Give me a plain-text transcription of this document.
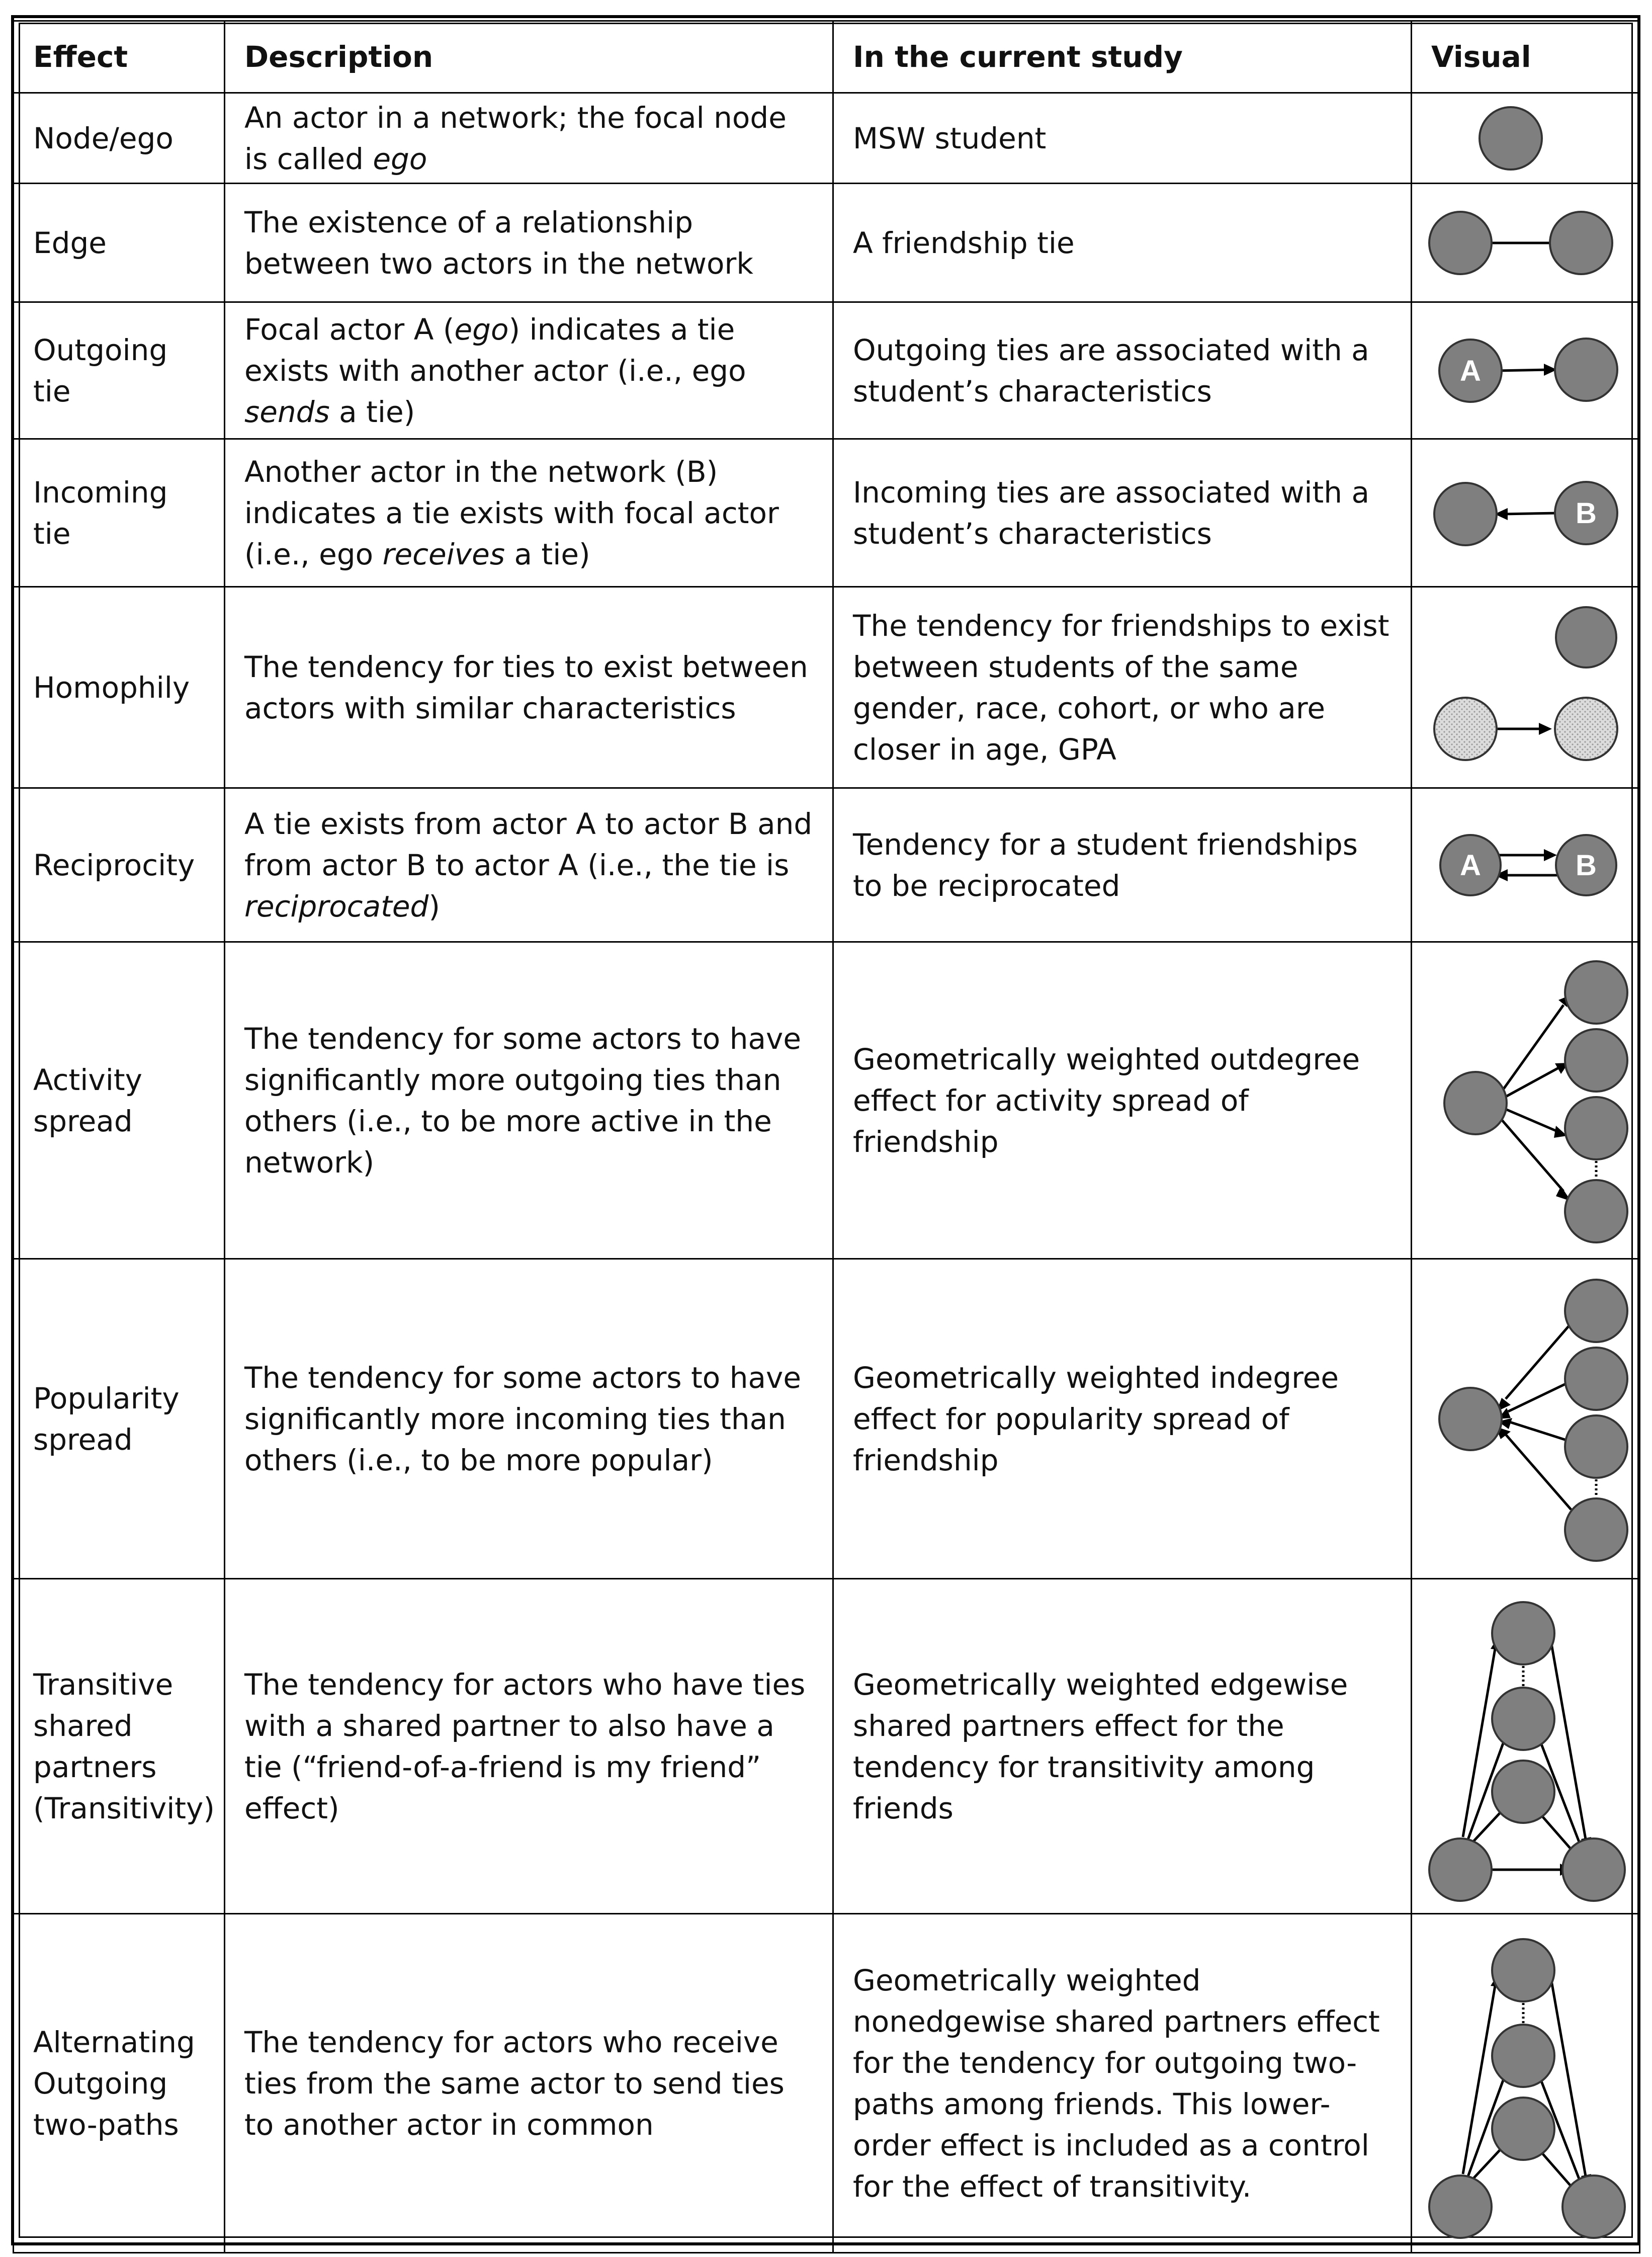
Effect	Description	In the current study	Visual
Node/ego	An actor in a network; the focal node is called ego	MSW student	

Edge	The existence of a relationship between two actors in the network	A friendship tie	

Outgoing tie	Focal actor A (ego) indicates a tie exists with another actor (i.e., ego sends a tie)	Outgoing ties are associated with a student’s characteristics	A

Incoming tie	Another actor in the network (B) indicates a tie exists with focal actor (i.e., ego receives a tie)	Incoming ties are associated with a student’s characteristics	B

Homophily	The tendency for ties to exist between actors with similar characteristics	The tendency for friendships to exist between students of the same gender, race, cohort, or who are closer in age, GPA	

Reciprocity	A tie exists from actor A to actor B and from actor B to actor A (i.e., the tie is reciprocated)	Tendency for a student friendships to be reciprocated	A B

Activity spread	The tendency for some actors to have significantly more outgoing ties than others (i.e., to be more active in the network)	Geometrically weighted outdegree effect for activity spread of friendship	

Popularity spread	The tendency for some actors to have significantly more incoming ties than others (i.e., to be more popular)	Geometrically weighted indegree effect for popularity spread of friendship	

Transitive shared partners (Transitivity)	The tendency for actors who have ties with a shared partner to also have a tie (“friend-of-a-friend is my friend” effect)	Geometrically weighted edgewise shared partners effect for the tendency for transitivity among friends	

Alternating Outgoing two-paths	The tendency for actors who receive ties from the same actor to send ties to another actor in common	Geometrically weighted nonedgewise shared partners effect for the tendency for outgoing two-paths among friends. This lower-order effect is included as a control for the effect of transitivity.	
